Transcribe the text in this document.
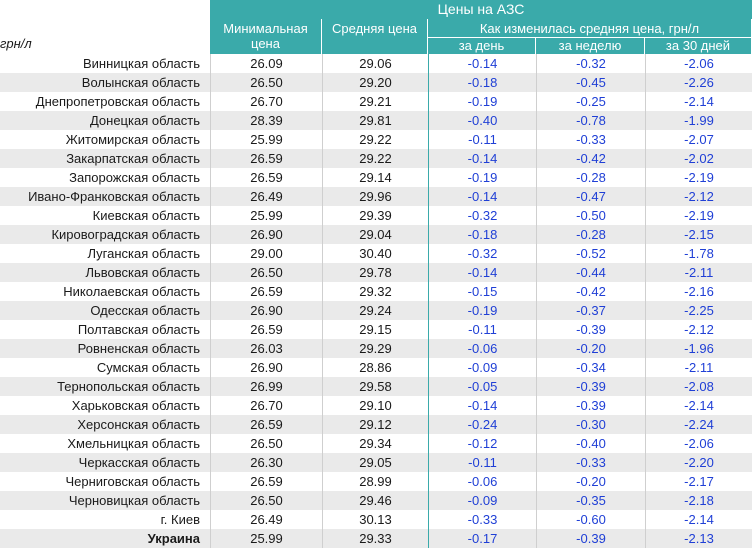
Цены на АЗС
Минимальная цена
Средняя цена	Как изменилась средняя цена, грн/л
за день	за неделю	за 30 дней
грн/л
Винницкая область	26.09	29.06	-0.14	-0.32	-2.06
Волынская область	26.50	29.20	-0.18	-0.45	-2.26
Днепропетровская область	26.70	29.21	-0.19	-0.25	-2.14
Донецкая область	28.39	29.81	-0.40	-0.78	-1.99
Житомирская область	25.99	29.22	-0.11	-0.33	-2.07
Закарпатская область	26.59	29.22	-0.14	-0.42	-2.02
Запорожская область	26.59	29.14	-0.19	-0.28	-2.19
Ивано-Франковская область	26.49	29.96	-0.14	-0.47	-2.12
Киевская область	25.99	29.39	-0.32	-0.50	-2.19
Кировоградская область	26.90	29.04	-0.18	-0.28	-2.15
Луганская область	29.00	30.40	-0.32	-0.52	-1.78
Львовская область	26.50	29.78	-0.14	-0.44	-2.11
Николаевская область	26.59	29.32	-0.15	-0.42	-2.16
Одесская область	26.90	29.24	-0.19	-0.37	-2.25
Полтавская область	26.59	29.15	-0.11	-0.39	-2.12
Ровненская область	26.03	29.29	-0.06	-0.20	-1.96
Сумская область	26.90	28.86	-0.09	-0.34	-2.11
Тернопольская область	26.99	29.58	-0.05	-0.39	-2.08
Харьковская область	26.70	29.10	-0.14	-0.39	-2.14
Херсонская область	26.59	29.12	-0.24	-0.30	-2.24
Хмельницкая область	26.50	29.34	-0.12	-0.40	-2.06
Черкасская область	26.30	29.05	-0.11	-0.33	-2.20
Черниговская область	26.59	28.99	-0.06	-0.20	-2.17
Черновицкая область	26.50	29.46	-0.09	-0.35	-2.18
г. Киев	26.49	30.13	-0.33	-0.60	-2.14
Украина	25.99	29.33	-0.17	-0.39	-2.13
